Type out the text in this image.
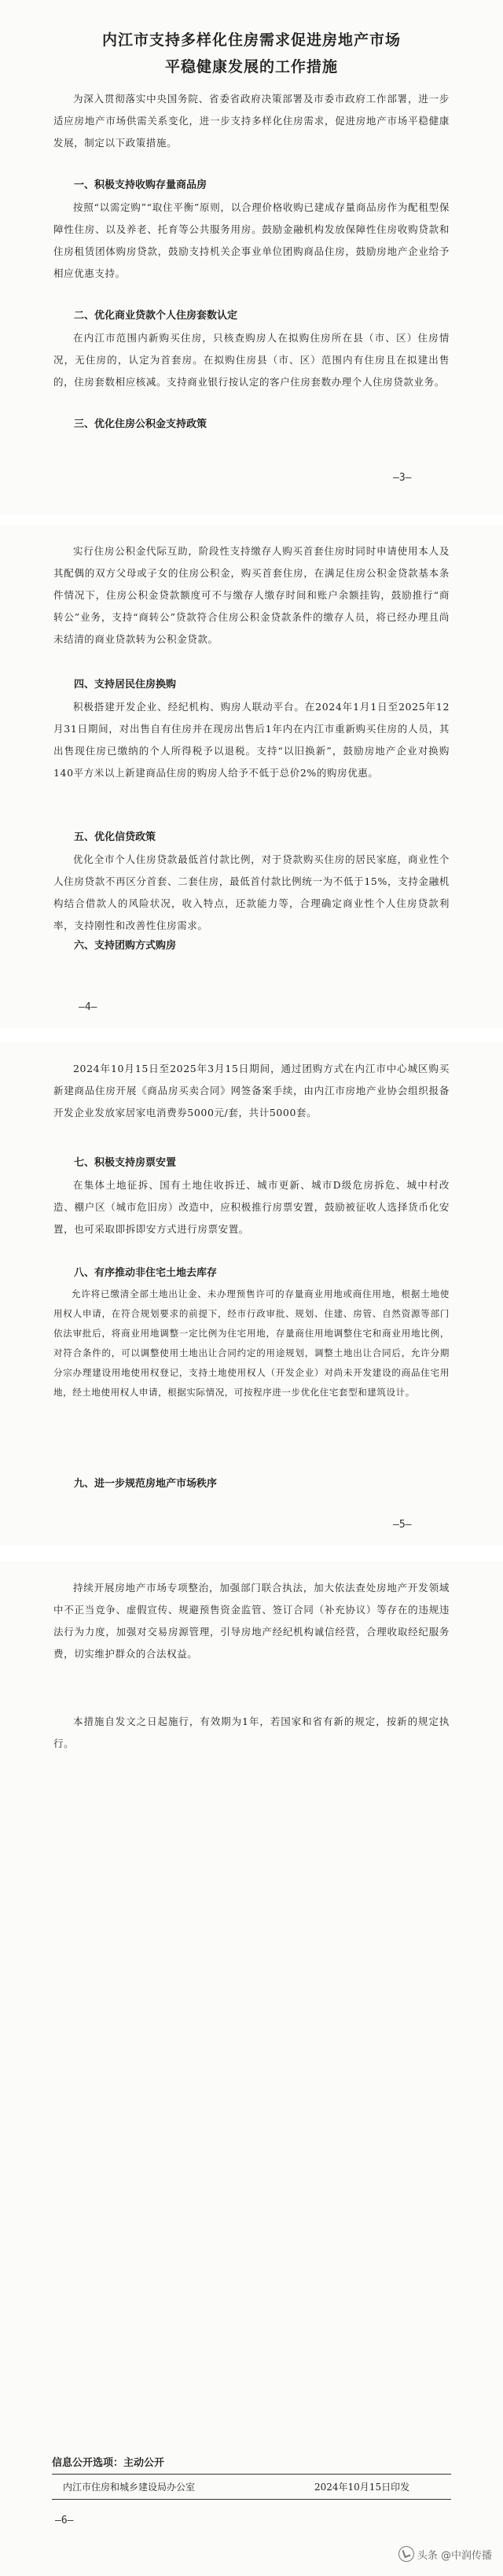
内江市支持多样化住房需求促进房地产市场
平稳健康发展的工作措施
为深入贯彻落实中央国务院、省委省政府决策部署及市委市政府工作部署，进一步适应房地产市场供需关系变化，进一步支持多样化住房需求，促进房地产市场平稳健康发展，制定以下政策措施。
一、积极支持收购存量商品房
按照“以需定购”“取住平衡”原则，以合理价格收购已建成存量商品房作为配租型保障性住房、以及养老、托育等公共服务用房。鼓励金融机构发放保障性住房收购贷款和住房租赁团体购房贷款，鼓励支持机关企事业单位团购商品住房，鼓励房地产企业给予相应优惠支持。
二、优化商业贷款个人住房套数认定
在内江市范围内新购买住房，只核查购房人在拟购住房所在县（市、区）住房情况，无住房的，认定为首套房。在拟购住房县（市、区）范围内有住房且在拟建出售的，住房套数相应核减。支持商业银行按认定的客户住房套数办理个人住房贷款业务。
三、优化住房公积金支持政策
—3—
实行住房公积金代际互助，阶段性支持缴存人购买首套住房时同时申请使用本人及其配偶的双方父母或子女的住房公积金，购买首套住房，在满足住房公积金贷款基本条件情况下，住房公积金贷款额度可不与缴存人缴存时间和账户余额挂钩，鼓励推行“商转公”业务，支持“商转公”贷款符合住房公积金贷款条件的缴存人员，将已经办理且尚未结清的商业贷款转为公积金贷款。
四、支持居民住房换购
积极搭建开发企业、经纪机构、购房人联动平台。在2024年1月1日至2025年12月31日期间，对出售自有住房并在现房出售后1年内在内江市重新购买住房的人员，其出售现住房已缴纳的个人所得税予以退税。支持“以旧换新”，鼓励房地产企业对换购140平方米以上新建商品住房的购房人给予不低于总价2%的购房优惠。
五、优化信贷政策
优化全市个人住房贷款最低首付款比例，对于贷款购买住房的居民家庭，商业性个人住房贷款不再区分首套、二套住房，最低首付款比例统一为不低于15%，支持金融机构结合借款人的风险状况，收入特点，还款能力等，合理确定商业性个人住房贷款利率，支持刚性和改善性住房需求。
六、支持团购方式购房
—4—
2024年10月15日至2025年3月15日期间，通过团购方式在内江市中心城区购买新建商品住房开展《商品房买卖合同》网签备案手续，由内江市房地产业协会组织报备开发企业发放家居家电消费券5000元/套，共计5000套。
七、积极支持房票安置
在集体土地征拆、国有土地住收拆迁、城市更新、城市D级危房拆危、城中村改造、棚户区（城市危旧房）改造中，应积极推行房票安置，鼓励被征收人选择货币化安置，也可采取即拆即安方式进行房票安置。
八、有序推动非住宅土地去库存
允许将已缴清全部土地出让金、未办理预售许可的存量商业用地或商住用地，根据土地使用权人申请，在符合规划要求的前提下，经市行政审批、规划、住建、房管、自然资源等部门依法审批后，将商业用地调整一定比例为住宅用地，存量商住用地调整住宅和商业用地比例，对符合条件的，可以调整使用土地出让合同约定的用途规划，调整土地出让合同后，允许分期分宗办理建设用地使用权登记，支持土地使用权人（开发企业）对尚未开发建设的商品住宅用地，经土地使用权人申请，根据实际情况，可按程序进一步优化住宅套型和建筑设计。
九、进一步规范房地产市场秩序
—5—
持续开展房地产市场专项整治，加强部门联合执法，加大依法查处房地产开发领域中不正当竞争、虚假宣传、规避预售资金监管、签订合同（补充协议）等存在的违规违法行为力度，加强对交易房源管理，引导房地产经纪机构诚信经营，合理收取经纪服务费，切实维护群众的合法权益。
本措施自发文之日起施行，有效期为1年，若国家和省有新的规定，按新的规定执行。
信息公开选项：主动公开
内江市住房和城乡建设局办公室	2024年10月15日印发
—6—
头条 @中润传播
